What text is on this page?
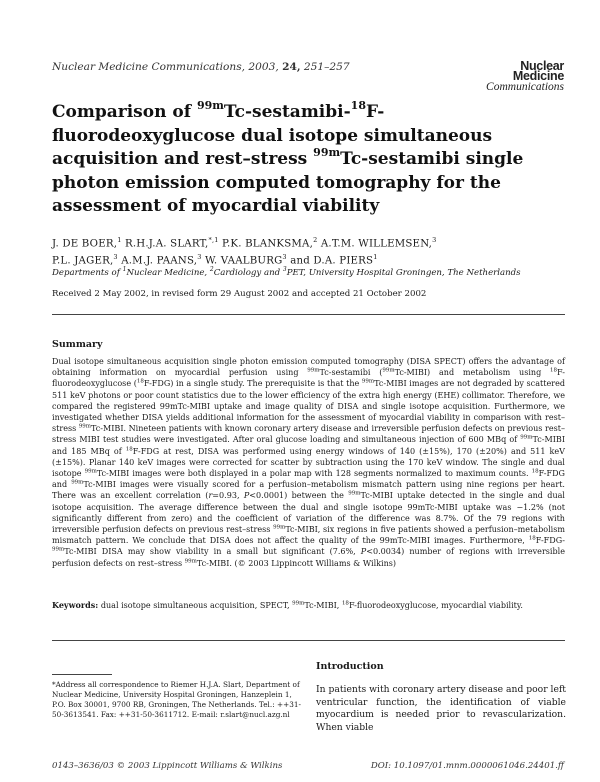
Nuclear Medicine Communications, 2003, 24, 251–257	Nuclear
Medicine
Communications
Comparison of $^{99m}$Tc-sestamibi-$^{18}$F-fluorodeoxyglucose dual isotope simultaneous acquisition and rest–stress $^{99m}$Tc-sestamibi single photon emission computed tomography for the assessment of myocardial viability
J. DE BOER,$^1$ R.H.J.A. SLART,$^{*,1}$ P.K. BLANKSMA,$^2$ A.T.M. WILLEMSEN,$^3$
P.L. JAGER,$^3$ A.M.J. PAANS,$^3$ W. VAALBURG$^3$ and D.A. PIERS$^1$
Departments of $^1$Nuclear Medicine, $^2$Cardiology and $^3$PET, University Hospital Groningen, The Netherlands
Received 2 May 2002, in revised form 29 August 2002 and accepted 21 October 2002
Summary
Dual isotope simultaneous acquisition single photon emission computed tomography (DISA SPECT) offers the advantage of obtaining information on myocardial perfusion using $^{99m}$Tc-sestamibi ($^{99m}$Tc-MIBI) and metabolism using $^{18}$F-fluorodeoxyglucose ($^{18}$F-FDG) in a single study. The prerequisite is that the $^{99m}$Tc-MIBI images are not degraded by scattered 511 keV photons or poor count statistics due to the lower efficiency of the extra high energy (EHE) collimator. Therefore, we compared the registered 99mTc-MIBI uptake and image quality of DISA and single isotope acquisition. Furthermore, we investigated whether DISA yields additional information for the assessment of myocardial viability in comparison with rest–stress $^{99m}$Tc-MIBI. Nineteen patients with known coronary artery disease and irreversible perfusion defects on previous rest–stress MIBI test studies were investigated. After oral glucose loading and simultaneous injection of 600 MBq of $^{99m}$Tc-MIBI and 185 MBq of $^{18}$F-FDG at rest, DISA was performed using energy windows of 140 (±15%), 170 (±20%) and 511 keV (±15%). Planar 140 keV images were corrected for scatter by subtraction using the 170 keV window. The single and dual isotope $^{99m}$Tc-MIBI images were both displayed in a polar map with 128 segments normalized to maximum counts. $^{18}$F-FDG and $^{99m}$Tc-MIBI images were visually scored for a perfusion–metabolism mismatch pattern using nine regions per heart. There was an excellent correlation (r=0.93, P<0.0001) between the $^{99m}$Tc-MIBI uptake detected in the single and dual isotope acquisition. The average difference between the dual and single isotope 99mTc-MIBI uptake was −1.2% (not significantly different from zero) and the coefficient of variation of the difference was 8.7%. Of the 79 regions with irreversible perfusion defects on previous rest–stress $^{99m}$Tc-MIBI, six regions in five patients showed a perfusion–metabolism mismatch pattern. We conclude that DISA does not affect the quality of the 99mTc-MIBI images. Furthermore, $^{18}$F-FDG-$^{99m}$Tc-MIBI DISA may show viability in a small but significant (7.6%, P<0.0034) number of regions with irreversible perfusion defects on rest–stress $^{99m}$Tc-MIBI. (© 2003 Lippincott Williams & Wilkins)
Keywords: dual isotope simultaneous acquisition, SPECT, $^{99m}$Tc-MIBI, $^{18}$F-fluorodeoxyglucose, myocardial viability.
*Address all correspondence to Riemer H.J.A. Slart, Department of Nuclear Medicine, University Hospital Groningen, Hanzeplein 1, P.O. Box 30001, 9700 RB, Groningen, The Netherlands. Tel.: ++31-50-3613541. Fax: ++31-50-3611712. E-mail: r.slart@nucl.azg.nl
Introduction
In patients with coronary artery disease and poor left ventricular function, the identification of viable myocardium is needed prior to revascularization. When viable
0143–3636/03 © 2003 Lippincott Williams & Wilkins	DOI: 10.1097/01.mnm.0000061046.24401.ff
